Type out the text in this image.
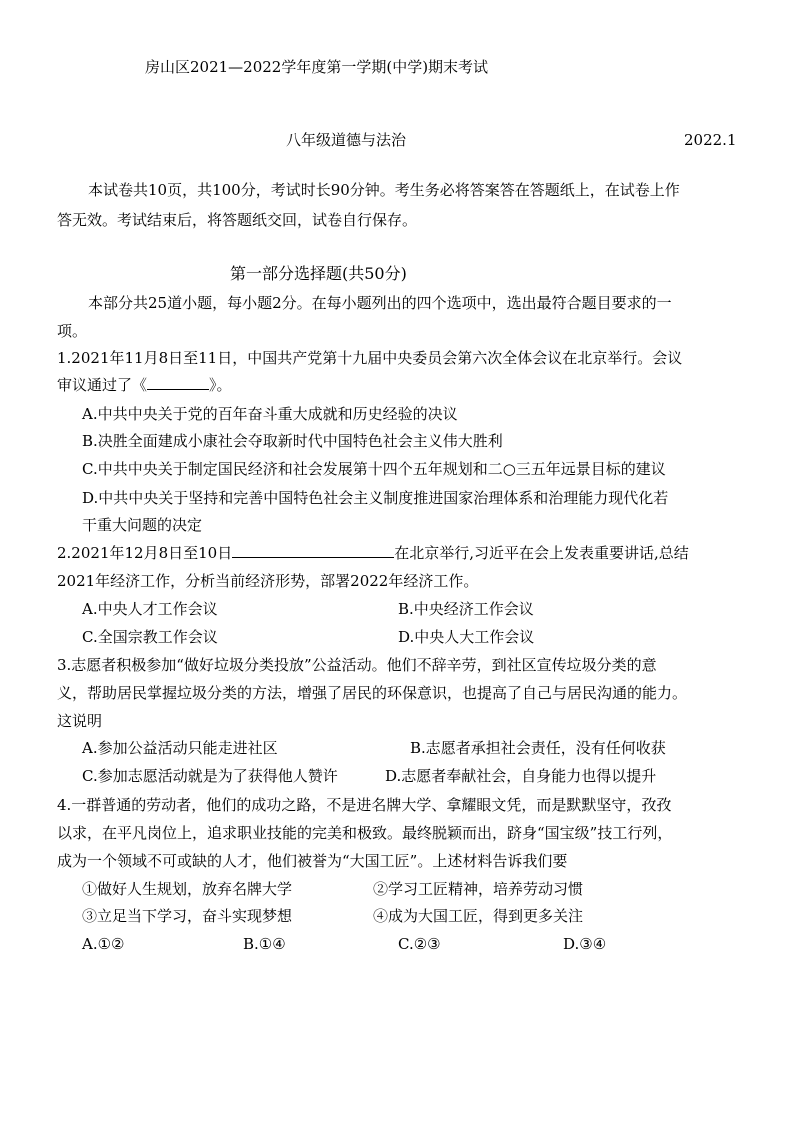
房山区2021—2022学年度第一学期(中学)期末考试
八年级道德与法治	2022.1
本试卷共10页，共100分，考试时长90分钟。考生务必将答案答在答题纸上，在试卷上作
答无效。考试结束后，将答题纸交回，试卷自行保存。
第一部分选择题(共50分)
本部分共25道小题，每小题2分。在每小题列出的四个选项中，选出最符合题目要求的一
项。
1.2021年11月8日至11日，中国共产党第十九届中央委员会第六次全体会议在北京举行。会议
审议通过了《	》。
A.中共中央关于党的百年奋斗重大成就和历史经验的决议
B.决胜全面建成小康社会夺取新时代中国特色社会主义伟大胜利
C.中共中央关于制定国民经济和社会发展第十四个五年规划和二○三五年远景目标的建议
D.中共中央关于坚持和完善中国特色社会主义制度推进国家治理体系和治理能力现代化若
干重大问题的决定
2.2021年12月8日至10日	在北京举行,习近平在会上发表重要讲话,总结
2021年经济工作，分析当前经济形势，部署2022年经济工作。
A.中央人才工作会议	B.中央经济工作会议
C.全国宗教工作会议	D.中央人大工作会议
3.志愿者积极参加“做好垃圾分类投放”公益活动。他们不辞辛劳，到社区宣传垃圾分类的意
义，帮助居民掌握垃圾分类的方法，增强了居民的环保意识，也提高了自己与居民沟通的能力。
这说明
A.参加公益活动只能走进社区	B.志愿者承担社会责任，没有任何收获
C.参加志愿活动就是为了获得他人赞许	D.志愿者奉献社会，自身能力也得以提升
4.一群普通的劳动者，他们的成功之路，不是进名牌大学、拿耀眼文凭，而是默默坚守，孜孜
以求，在平凡岗位上，追求职业技能的完美和极致。最终脱颖而出，跻身“国宝级”技工行列，
成为一个领域不可或缺的人才，他们被誉为“大国工匠”。上述材料告诉我们要
①做好人生规划，放弃名牌大学	②学习工匠精神，培养劳动习惯
③立足当下学习，奋斗实现梦想	④成为大国工匠，得到更多关注
A.①②	B.①④	C.②③	D.③④
